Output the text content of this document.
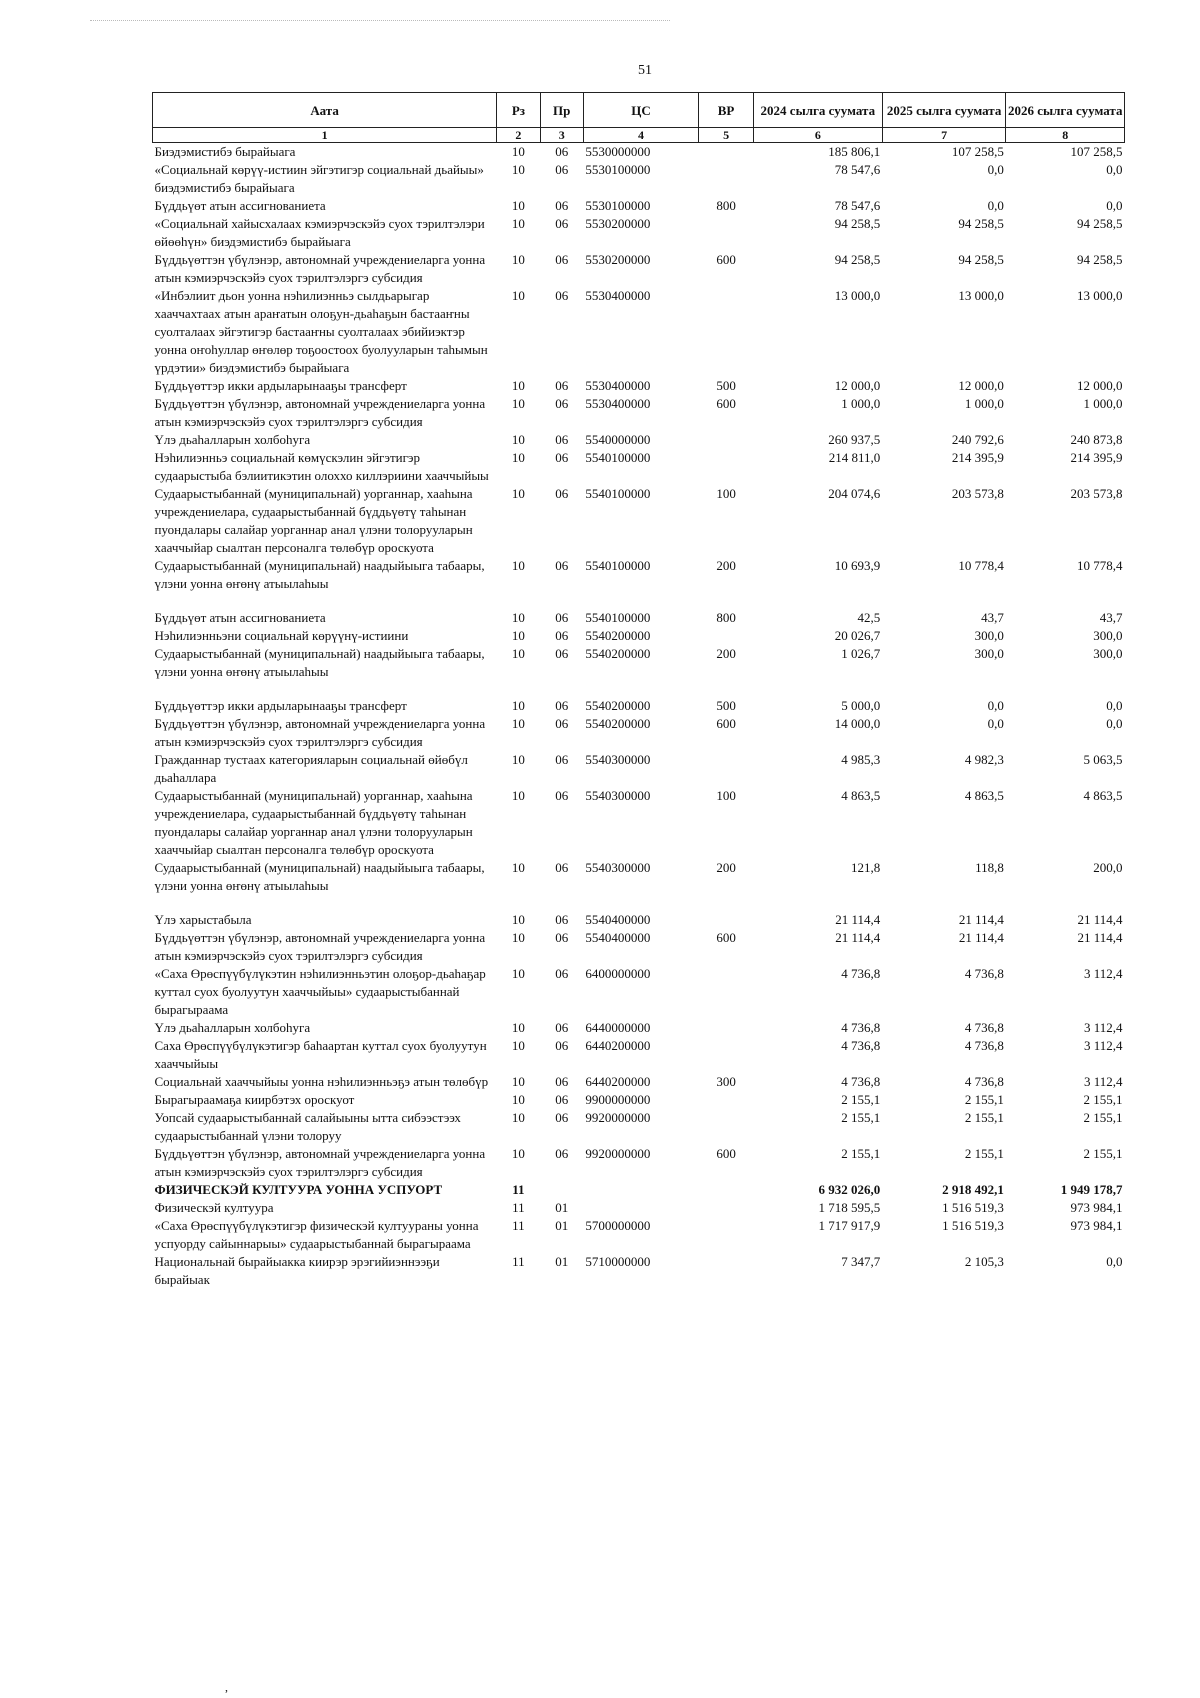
51
Аата	Рз	Пр	ЦС	ВР	2024 сылга суумата	2025 сылга суумата	2026 сылга суумата
1	2	3	4	5	6	7	8
Биэдэмистибэ бырайыага	10	06	5530000000		185 806,1	107 258,5	107 258,5
«Социальнай көрүү-истиин эйгэтигэр социальнай дьайыы» биэдэмистибэ бырайыага	10	06	5530100000		78 547,6	0,0	0,0
Бүддьүөт атын ассигнованиета	10	06	5530100000	800	78 547,6	0,0	0,0
«Социальнай хайысхалаах кэмиэрчэскэйэ суох тэрилтэлэри өйөөһүн» биэдэмистибэ бырайыага	10	06	5530200000		94 258,5	94 258,5	94 258,5
Бүддьүөттэн үбүлэнэр, автономнай учреждениеларга уонна атын кэмиэрчэскэйэ суох тэрилтэлэргэ субсидия	10	06	5530200000	600	94 258,5	94 258,5	94 258,5
«Инбэлиит дьон уонна нэһилиэнньэ сылдьарыгар хааччахтаах атын араҥатын олоҕун-дьаһаҕын бастааҥны суолталаах эйгэтигэр бастааҥны суолталаах эбийиэктэр уонна оҥоһуллар өҥөлөр тоҕоостоох буолууларын таһымын үрдэтии» биэдэмистибэ бырайыага	10	06	5530400000		13 000,0	13 000,0	13 000,0
Бүддьүөттэр икки ардыларынааҕы трансферт	10	06	5530400000	500	12 000,0	12 000,0	12 000,0
Бүддьүөттэн үбүлэнэр, автономнай учреждениеларга уонна атын кэмиэрчэскэйэ суох тэрилтэлэргэ субсидия	10	06	5530400000	600	1 000,0	1 000,0	1 000,0
Үлэ дьаһалларын холбоһуга	10	06	5540000000		260 937,5	240 792,6	240 873,8
Нэһилиэнньэ социальнай көмүскэлин эйгэтигэр судаарыстыба бэлиитикэтин олоххо киллэриини хааччыйыы	10	06	5540100000		214 811,0	214 395,9	214 395,9
Судаарыстыбаннай (муниципальнай) уорганнар, хааһына учреждениелара, судаарыстыбаннай бүддьүөтү таһынан пуондалары салайар уорганнар анал үлэни толорууларын хааччыйар сыалтан персоналга төлөбүр ороскуота	10	06	5540100000	100	204 074,6	203 573,8	203 573,8
Судаарыстыбаннай (муниципальнай) наадыйыыга табаары, үлэни уонна өҥөнү атыылаһыы	10	06	5540100000	200	10 693,9	10 778,4	10 778,4
Бүддьүөт атын ассигнованиета	10	06	5540100000	800	42,5	43,7	43,7
Нэһилиэнньэни социальнай көрүүнү-истиини	10	06	5540200000		20 026,7	300,0	300,0
Судаарыстыбаннай (муниципальнай) наадыйыыга табаары, үлэни уонна өҥөнү атыылаһыы	10	06	5540200000	200	1 026,7	300,0	300,0
Бүддьүөттэр икки ардыларынааҕы трансферт	10	06	5540200000	500	5 000,0	0,0	0,0
Бүддьүөттэн үбүлэнэр, автономнай учреждениеларга уонна атын кэмиэрчэскэйэ суох тэрилтэлэргэ субсидия	10	06	5540200000	600	14 000,0	0,0	0,0
Гражданнар тустаах категорияларын социальнай өйөбүл дьаһаллара	10	06	5540300000		4 985,3	4 982,3	5 063,5
Судаарыстыбаннай (муниципальнай) уорганнар, хааһына учреждениелара, судаарыстыбаннай бүддьүөтү таһынан пуондалары салайар уорганнар анал үлэни толорууларын хааччыйар сыалтан персоналга төлөбүр ороскуота	10	06	5540300000	100	4 863,5	4 863,5	4 863,5
Судаарыстыбаннай (муниципальнай) наадыйыыга табаары, үлэни уонна өҥөнү атыылаһыы	10	06	5540300000	200	121,8	118,8	200,0
Үлэ харыстабыла	10	06	5540400000		21 114,4	21 114,4	21 114,4
Бүддьүөттэн үбүлэнэр, автономнай учреждениеларга уонна атын кэмиэрчэскэйэ суох тэрилтэлэргэ субсидия	10	06	5540400000	600	21 114,4	21 114,4	21 114,4
«Саха Өрөспүүбүлүкэтин нэһилиэнньэтин олоҕор-дьаһаҕар куттал суох буолуутун хааччыйыы» судаарыстыбаннай бырагыраама	10	06	6400000000		4 736,8	4 736,8	3 112,4
Үлэ дьаһалларын холбоһуга	10	06	6440000000		4 736,8	4 736,8	3 112,4
Саха Өрөспүүбүлүкэтигэр баһаартан куттал суох буолуутун хааччыйыы	10	06	6440200000		4 736,8	4 736,8	3 112,4
Социальнай хааччыйыы уонна нэһилиэнньэҕэ атын төлөбүр	10	06	6440200000	300	4 736,8	4 736,8	3 112,4
Бырагыраамаҕа киирбэтэх ороскуот	10	06	9900000000		2 155,1	2 155,1	2 155,1
Уопсай судаарыстыбаннай салайыыны ытта сибээстээх судаарыстыбаннай үлэни толоруу	10	06	9920000000		2 155,1	2 155,1	2 155,1
Бүддьүөттэн үбүлэнэр, автономнай учреждениеларга уонна атын кэмиэрчэскэйэ суох тэрилтэлэргэ субсидия	10	06	9920000000	600	2 155,1	2 155,1	2 155,1
ФИЗИЧЕСКЭЙ КУЛТУУРА УОННА УСПУОРТ	11				6 932 026,0	2 918 492,1	1 949 178,7
Физическэй култуура	11	01			1 718 595,5	1 516 519,3	973 984,1
«Саха Өрөспүүбүлүкэтигэр физическэй култуураны уонна успуорду сайыннарыы» судаарыстыбаннай бырагыраама	11	01	5700000000		1 717 917,9	1 516 519,3	973 984,1
Национальнай бырайыакка киирэр эрэгийиэннээҕи бырайыак	11	01	5710000000		7 347,7	2 105,3	0,0
,
